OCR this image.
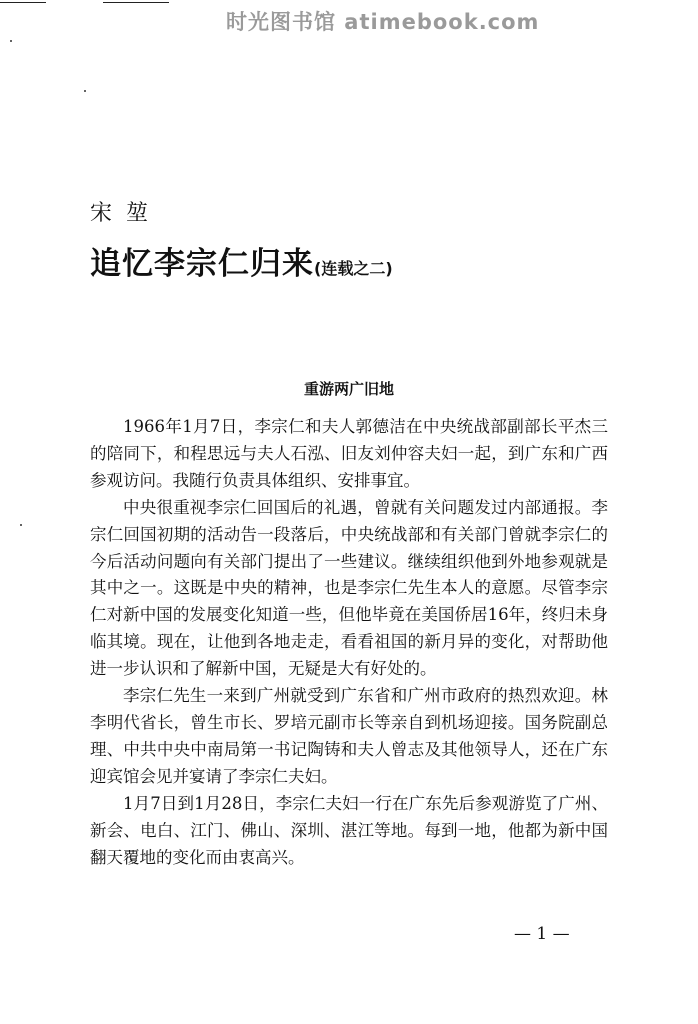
时光图书馆 atimebook.com
宋堃
追忆李宗仁归来(连载之二)
重游两广旧地

1966年1月7日，李宗仁和夫人郭德洁在中央统战部副部长平杰三的陪同下，和程思远与夫人石泓、旧友刘仲容夫妇一起，到广东和广西参观访问。我随行负责具体组织、安排事宜。

中央很重视李宗仁回国后的礼遇，曾就有关问题发过内部通报。李宗仁回国初期的活动告一段落后，中央统战部和有关部门曾就李宗仁的今后活动问题向有关部门提出了一些建议。继续组织他到外地参观就是其中之一。这既是中央的精神，也是李宗仁先生本人的意愿。尽管李宗仁对新中国的发展变化知道一些，但他毕竟在美国侨居16年，终归未身临其境。现在，让他到各地走走，看看祖国的新月异的变化，对帮助他进一步认识和了解新中国，无疑是大有好处的。

李宗仁先生一来到广州就受到广东省和广州市政府的热烈欢迎。林李明代省长，曾生市长、罗培元副市长等亲自到机场迎接。国务院副总理、中共中央中南局第一书记陶铸和夫人曾志及其他领导人，还在广东迎宾馆会见并宴请了李宗仁夫妇。

1月7日到1月28日，李宗仁夫妇一行在广东先后参观游览了广州、新会、电白、江门、佛山、深圳、湛江等地。每到一地，他都为新中国翻天覆地的变化而由衷高兴。

— 1 —
